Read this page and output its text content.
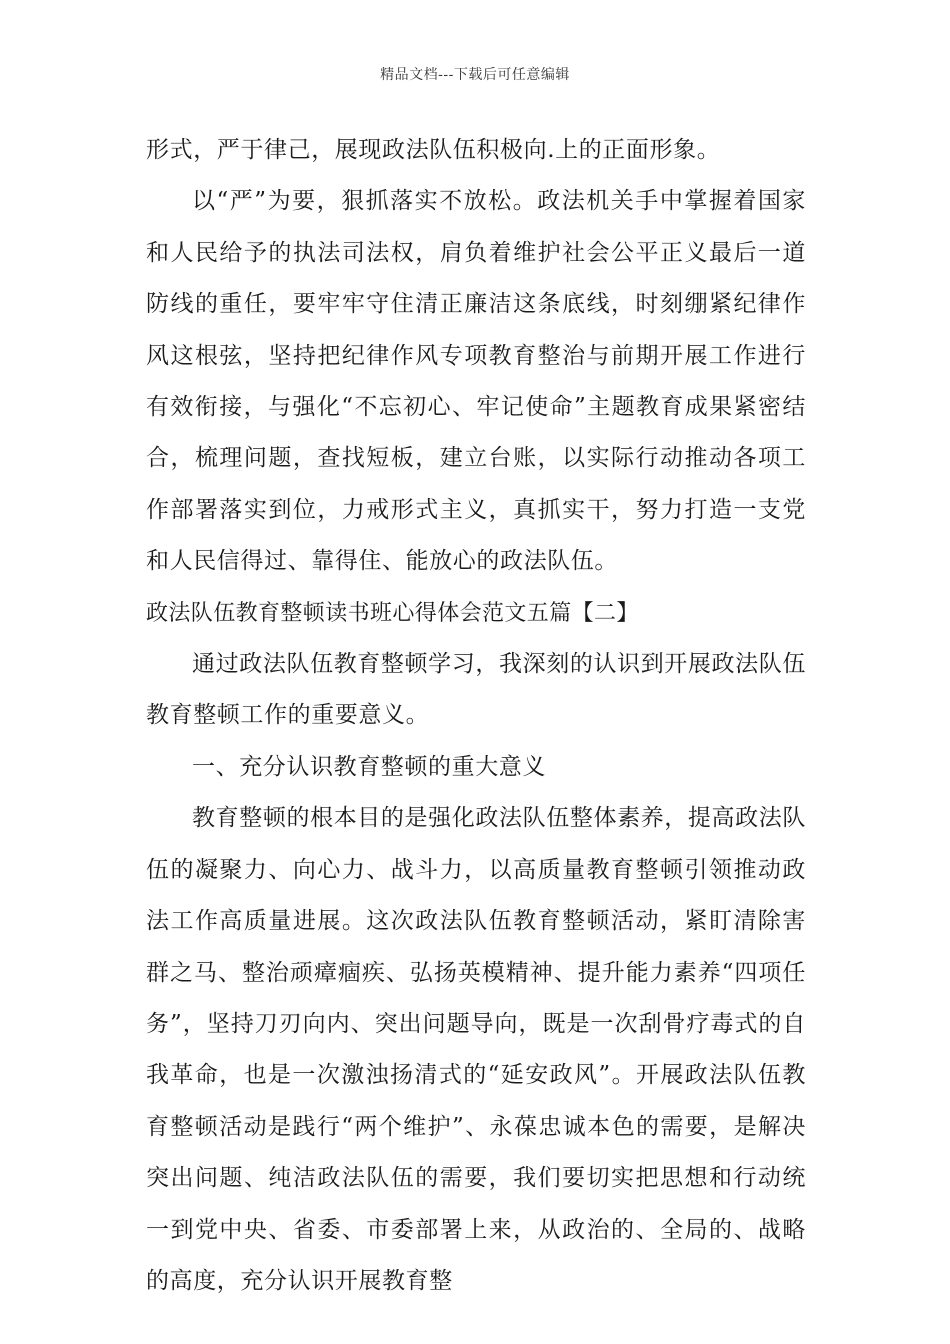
精品文档---下载后可任意编辑

形式，严于律己，展现政法队伍积极向.上的正面形象。

以“严”为要，狠抓落实不放松。政法机关手中掌握着国家和人民给予的执法司法权，肩负着维护社会公平正义最后一道防线的重任，要牢牢守住清正廉洁这条底线，时刻绷紧纪律作风这根弦，坚持把纪律作风专项教育整治与前期开展工作进行有效衔接，与强化“不忘初心、牢记使命”主题教育成果紧密结合，梳理问题，查找短板，建立台账，以实际行动推动各项工作部署落实到位，力戒形式主义，真抓实干，努力打造一支党和人民信得过、靠得住、能放心的政法队伍。

政法队伍教育整顿读书班心得体会范文五篇【二】

通过政法队伍教育整顿学习，我深刻的认识到开展政法队伍教育整顿工作的重要意义。

一、充分认识教育整顿的重大意义

教育整顿的根本目的是强化政法队伍整体素养，提高政法队伍的凝聚力、向心力、战斗力，以高质量教育整顿引领推动政法工作高质量进展。这次政法队伍教育整顿活动，紧盯清除害群之马、整治顽瘴痼疾、弘扬英模精神、提升能力素养“四项任务”，坚持刀刃向内、突出问题导向，既是一次刮骨疗毒式的自我革命，也是一次激浊扬清式的“延安政风”。开展政法队伍教育整顿活动是践行“两个维护”、永葆忠诚本色的需要，是解决突出问题、纯洁政法队伍的需要，我们要切实把思想和行动统一到党中央、省委、市委部署上来，从政治的、全局的、战略的高度，充分认识开展教育整
